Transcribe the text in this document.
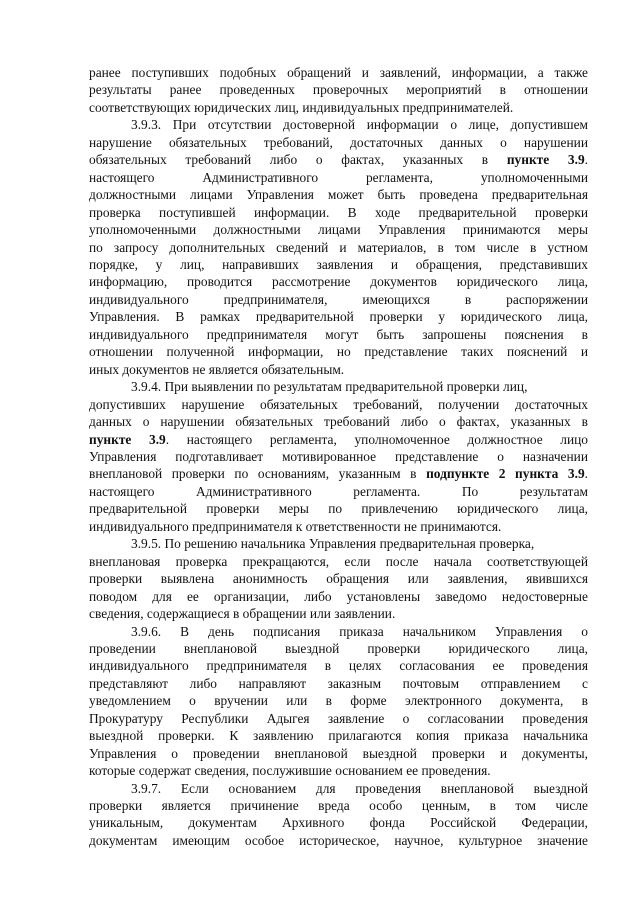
ранее поступивших подобных обращений и заявлений, информации, а также
результаты ранее проведенных проверочных мероприятий в отношении
соответствующих юридических лиц, индивидуальных предпринимателей.
3.9.3. При отсутствии достоверной информации о лице, допустившем
нарушение обязательных требований, достаточных данных о нарушении
обязательных требований либо о фактах, указанных в пункте 3.9.
настоящего Административного регламента, уполномоченными
должностными лицами Управления может быть проведена предварительная
проверка поступившей информации. В ходе предварительной проверки
уполномоченными должностными лицами Управления принимаются меры
по запросу дополнительных сведений и материалов, в том числе в устном
порядке, у лиц, направивших заявления и обращения, представивших
информацию, проводится рассмотрение документов юридического лица,
индивидуального предпринимателя, имеющихся в распоряжении
Управления. В рамках предварительной проверки у юридического лица,
индивидуального предпринимателя могут быть запрошены пояснения в
отношении полученной информации, но представление таких пояснений и
иных документов не является обязательным.
3.9.4. При выявлении по результатам предварительной проверки лиц,
допустивших нарушение обязательных требований, получении достаточных
данных о нарушении обязательных требований либо о фактах, указанных в
пункте 3.9. настоящего регламента, уполномоченное должностное лицо
Управления подготавливает мотивированное представление о назначении
внеплановой проверки по основаниям, указанным в подпункте 2 пункта 3.9.
настоящего Административного регламента. По результатам
предварительной проверки меры по привлечению юридического лица,
индивидуального предпринимателя к ответственности не принимаются.
3.9.5. По решению начальника Управления предварительная проверка,
внеплановая проверка прекращаются, если после начала соответствующей
проверки выявлена анонимность обращения или заявления, явившихся
поводом для ее организации, либо установлены заведомо недостоверные
сведения, содержащиеся в обращении или заявлении.
3.9.6. В день подписания приказа начальником Управления о
проведении внеплановой выездной проверки юридического лица,
индивидуального предпринимателя в целях согласования ее проведения
представляют либо направляют заказным почтовым отправлением с
уведомлением о вручении или в форме электронного документа, в
Прокуратуру Республики Адыгея заявление о согласовании проведения
выездной проверки. К заявлению прилагаются копия приказа начальника
Управления о проведении внеплановой выездной проверки и документы,
которые содержат сведения, послужившие основанием ее проведения.
3.9.7. Если основанием для проведения внеплановой выездной
проверки является причинение вреда особо ценным, в том числе
уникальным, документам Архивного фонда Российской Федерации,
документам имеющим особое историческое, научное, культурное значение
